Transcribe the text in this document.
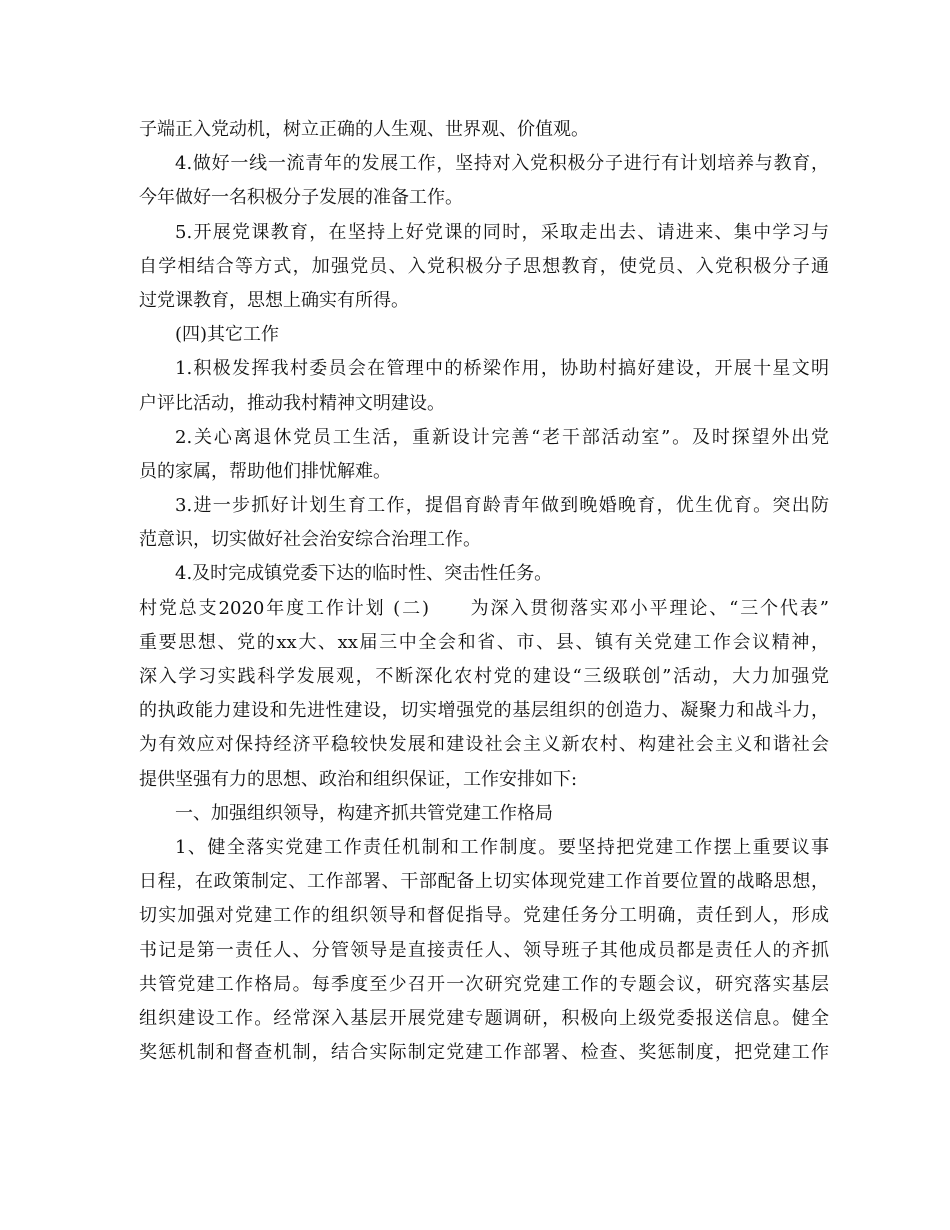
子端正入党动机，树立正确的人生观、世界观、价值观。
4.做好一线一流青年的发展工作，坚持对入党积极分子进行有计划培养与教育，
今年做好一名积极分子发展的准备工作。
5.开展党课教育，在坚持上好党课的同时，采取走出去、请进来、集中学习与
自学相结合等方式，加强党员、入党积极分子思想教育，使党员、入党积极分子通
过党课教育，思想上确实有所得。
(四)其它工作
1.积极发挥我村委员会在管理中的桥梁作用，协助村搞好建设，开展十星文明
户评比活动，推动我村精神文明建设。
2.关心离退休党员工生活，重新设计完善“老干部活动室”。及时探望外出党
员的家属，帮助他们排忧解难。
3.进一步抓好计划生育工作，提倡育龄青年做到晚婚晚育，优生优育。突出防
范意识，切实做好社会治安综合治理工作。
4.及时完成镇党委下达的临时性、突击性任务。
村党总支2020年度工作计划 (二)　　为深入贯彻落实邓小平理论、“三个代表”
重要思想、党的xx大、xx届三中全会和省、市、县、镇有关党建工作会议精神，
深入学习实践科学发展观，不断深化农村党的建设“三级联创”活动，大力加强党
的执政能力建设和先进性建设，切实增强党的基层组织的创造力、凝聚力和战斗力，
为有效应对保持经济平稳较快发展和建设社会主义新农村、构建社会主义和谐社会
提供坚强有力的思想、政治和组织保证，工作安排如下:
一、加强组织领导，构建齐抓共管党建工作格局
1、健全落实党建工作责任机制和工作制度。要坚持把党建工作摆上重要议事
日程，在政策制定、工作部署、干部配备上切实体现党建工作首要位置的战略思想，
切实加强对党建工作的组织领导和督促指导。党建任务分工明确，责任到人，形成
书记是第一责任人、分管领导是直接责任人、领导班子其他成员都是责任人的齐抓
共管党建工作格局。每季度至少召开一次研究党建工作的专题会议，研究落实基层
组织建设工作。经常深入基层开展党建专题调研，积极向上级党委报送信息。健全
奖惩机制和督查机制，结合实际制定党建工作部署、检查、奖惩制度，把党建工作
